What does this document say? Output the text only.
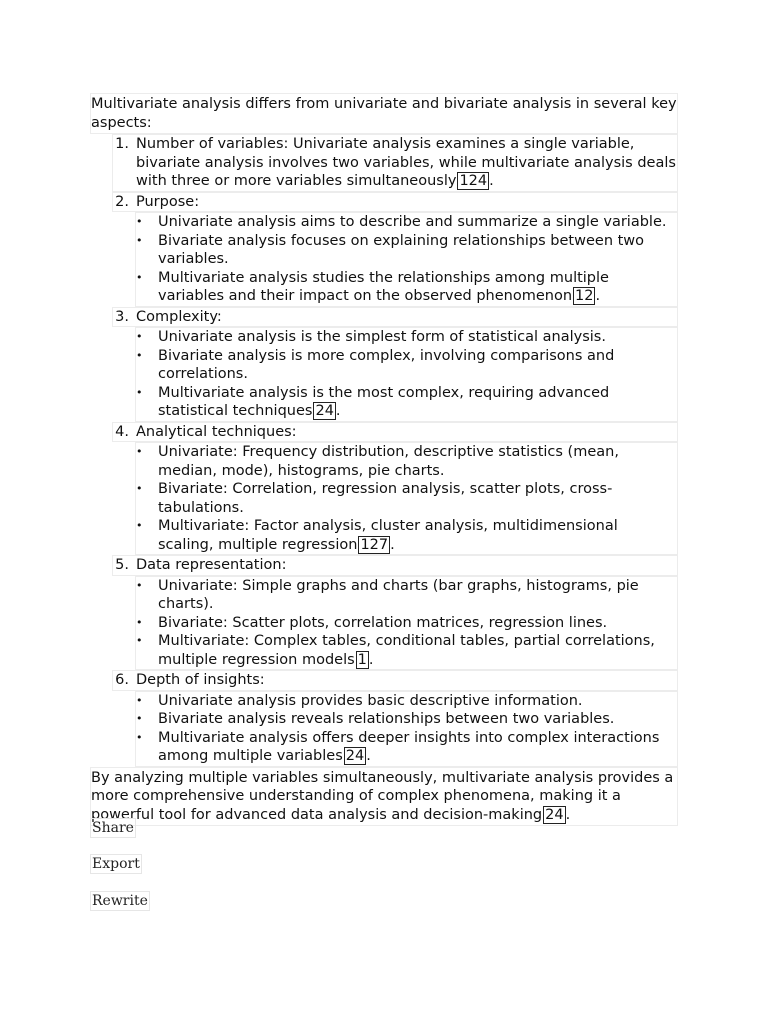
Multivariate analysis differs from univariate and bivariate analysis in several key aspects:
1. Number of variables: Univariate analysis examines a single variable, bivariate analysis involves two variables, while multivariate analysis deals with three or more variables simultaneously 124 .
2. Purpose:
• Univariate analysis aims to describe and summarize a single variable.
• Bivariate analysis focuses on explaining relationships between two variables.
• Multivariate analysis studies the relationships among multiple variables and their impact on the observed phenomenon 12 .
3. Complexity:
• Univariate analysis is the simplest form of statistical analysis.
• Bivariate analysis is more complex, involving comparisons and correlations.
• Multivariate analysis is the most complex, requiring advanced statistical techniques 24 .
4. Analytical techniques:
• Univariate: Frequency distribution, descriptive statistics (mean, median, mode), histograms, pie charts.
• Bivariate: Correlation, regression analysis, scatter plots, cross-tabulations.
• Multivariate: Factor analysis, cluster analysis, multidimensional scaling, multiple regression 127 .
5. Data representation:
• Univariate: Simple graphs and charts (bar graphs, histograms, pie charts).
• Bivariate: Scatter plots, correlation matrices, regression lines.
• Multivariate: Complex tables, conditional tables, partial correlations, multiple regression models 1 .
6. Depth of insights:
• Univariate analysis provides basic descriptive information.
• Bivariate analysis reveals relationships between two variables.
• Multivariate analysis offers deeper insights into complex interactions among multiple variables 24 .
By analyzing multiple variables simultaneously, multivariate analysis provides a more comprehensive understanding of complex phenomena, making it a powerful tool for advanced data analysis and decision-making 24 .
Share
Export
Rewrite
